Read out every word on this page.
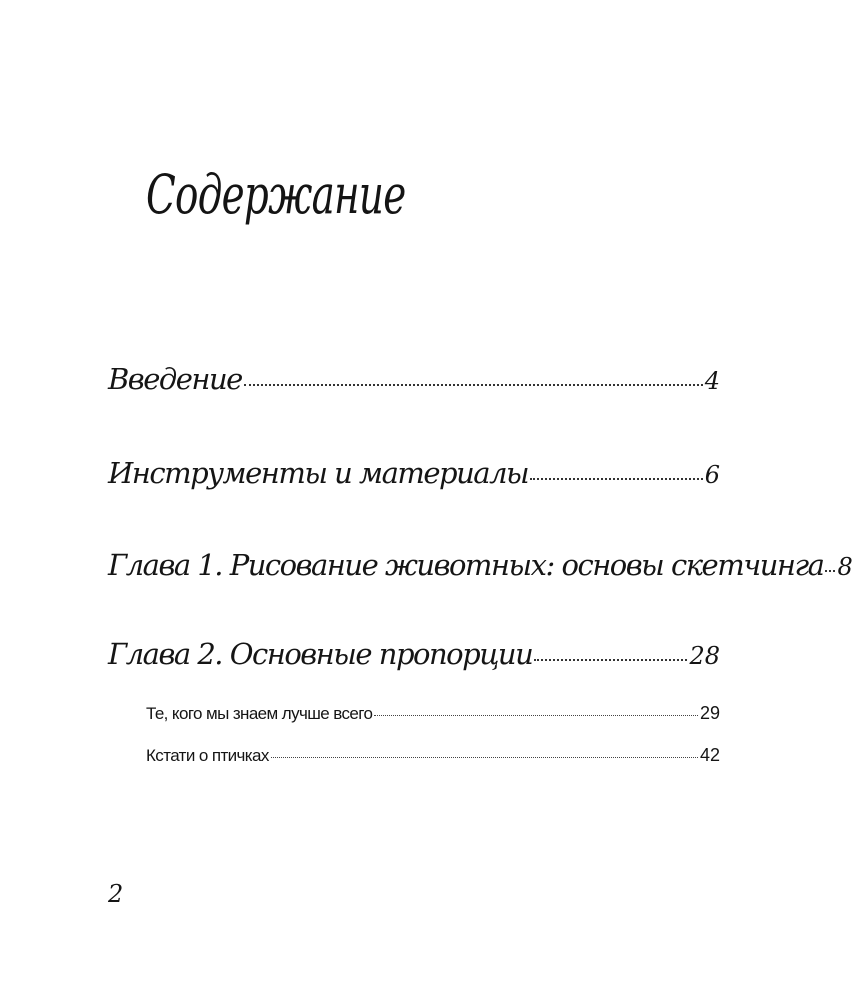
Содержание
Введение	4
Инструменты и материалы	6
Глава 1. Рисование животных: основы скетчинга 8
Глава 2. Основные пропорции	28
Те, кого мы знаем лучше всего	29
Кстати о птичках	42
2
